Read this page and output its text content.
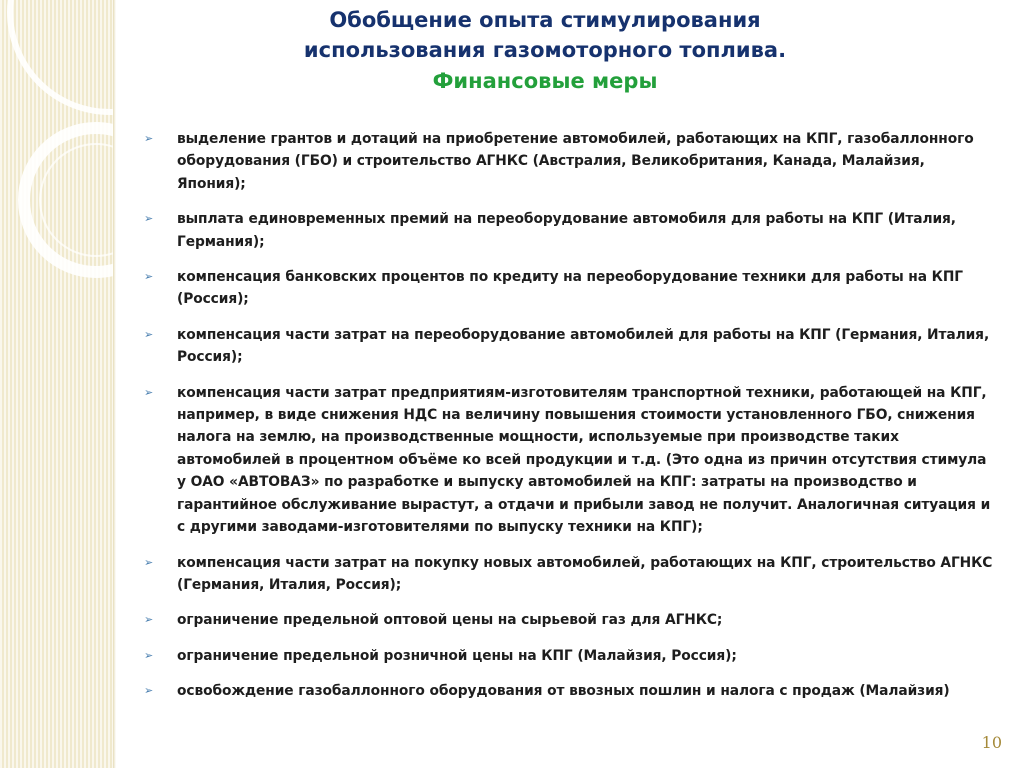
Обобщение опыта стимулирования
использования газомоторного топлива.
Финансовые меры
➢ выделение грантов и дотаций на приобретение автомобилей, работающих на КПГ, газобаллонного оборудования (ГБО) и строительство АГНКС (Австралия, Великобритания, Канада, Малайзия, Япония);
➢ выплата единовременных премий на переоборудование автомобиля для работы на КПГ (Италия, Германия);
➢ компенсация банковских процентов по кредиту на переоборудование техники для работы на КПГ (Россия);
➢ компенсация части затрат на переоборудование автомобилей для работы на КПГ (Германия, Италия, Россия);
➢ компенсация части затрат предприятиям-изготовителям транспортной техники, работающей на КПГ, например, в виде снижения НДС на величину повышения стоимости установленного ГБО, снижения налога на землю, на производственные мощности, используемые при производстве таких автомобилей в процентном объёме ко всей продукции и т.д. (Это одна из причин отсутствия стимула у ОАО «АВТОВАЗ» по разработке и выпуску автомобилей на КПГ: затраты на производство и гарантийное обслуживание вырастут, а отдачи и прибыли завод не получит. Аналогичная ситуация и с другими заводами-изготовителями по выпуску техники на КПГ);
➢ компенсация части затрат на покупку новых автомобилей, работающих на КПГ, строительство АГНКС (Германия, Италия, Россия);
➢ ограничение предельной оптовой цены на сырьевой газ для АГНКС;
➢ ограничение предельной розничной цены на КПГ (Малайзия, Россия);
➢ освобождение газобаллонного оборудования от ввозных пошлин и налога с продаж (Малайзия)
10
